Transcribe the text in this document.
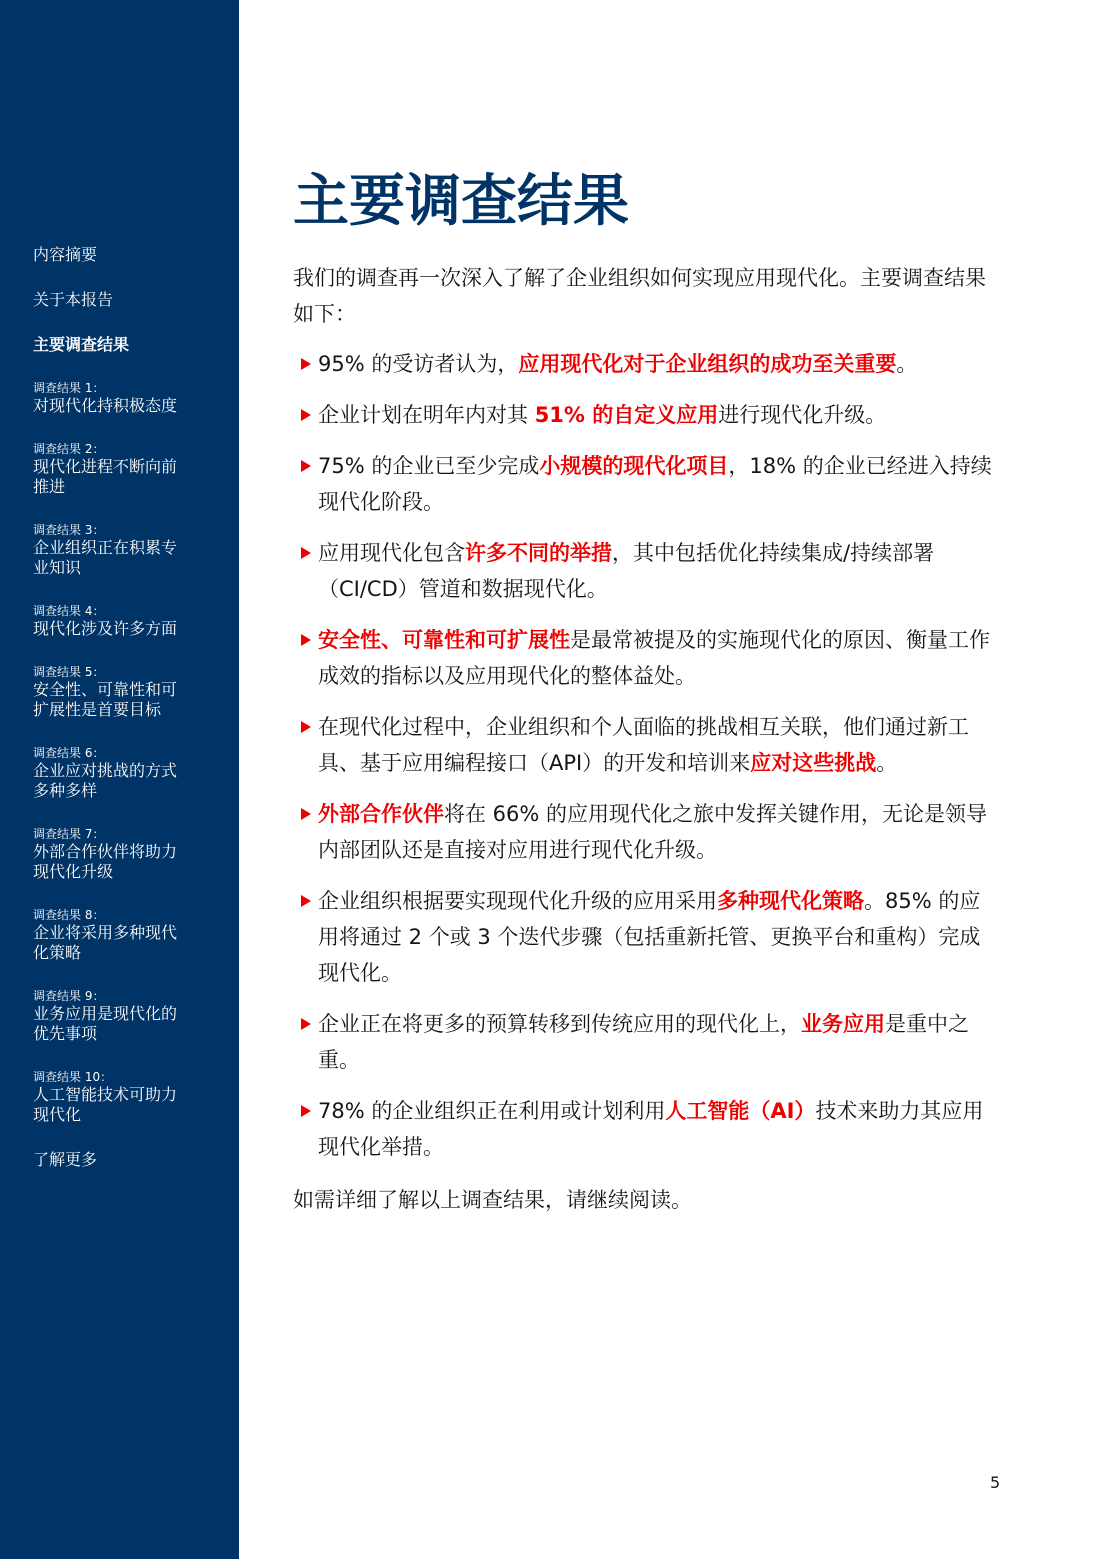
内容摘要
关于本报告
主要调查结果
调查结果 1：
对现代化持积极态度
调查结果 2：
现代化进程不断向前推进
调查结果 3：
企业组织正在积累专业知识
调查结果 4：
现代化涉及许多方面
调查结果 5：
安全性、可靠性和可扩展性是首要目标
调查结果 6：
企业应对挑战的方式多种多样
调查结果 7：
外部合作伙伴将助力现代化升级
调查结果 8：
企业将采用多种现代化策略
调查结果 9：
业务应用是现代化的优先事项
调查结果 10：
人工智能技术可助力现代化
了解更多
主要调查结果

我们的调查再一次深入了解了企业组织如何实现应用现代化。主要调查结果如下：

95% 的受访者认为，应用现代化对于企业组织的成功至关重要。
企业计划在明年内对其 51% 的自定义应用进行现代化升级。
75% 的企业已至少完成小规模的现代化项目，18% 的企业已经进入持续现代化阶段。
应用现代化包含许多不同的举措，其中包括优化持续集成/持续部署（CI/CD）管道和数据现代化。
安全性、可靠性和可扩展性是最常被提及的实施现代化的原因、衡量工作成效的指标以及应用现代化的整体益处。
在现代化过程中，企业组织和个人面临的挑战相互关联，他们通过新工具、基于应用编程接口（API）的开发和培训来应对这些挑战。
外部合作伙伴将在 66% 的应用现代化之旅中发挥关键作用，无论是领导内部团队还是直接对应用进行现代化升级。
企业组织根据要实现现代化升级的应用采用多种现代化策略。85% 的应用将通过 2 个或 3 个迭代步骤（包括重新托管、更换平台和重构）完成现代化。
企业正在将更多的预算转移到传统应用的现代化上，业务应用是重中之重。
78% 的企业组织正在利用或计划利用人工智能（AI）技术来助力其应用现代化举措。

如需详细了解以上调查结果，请继续阅读。

5
